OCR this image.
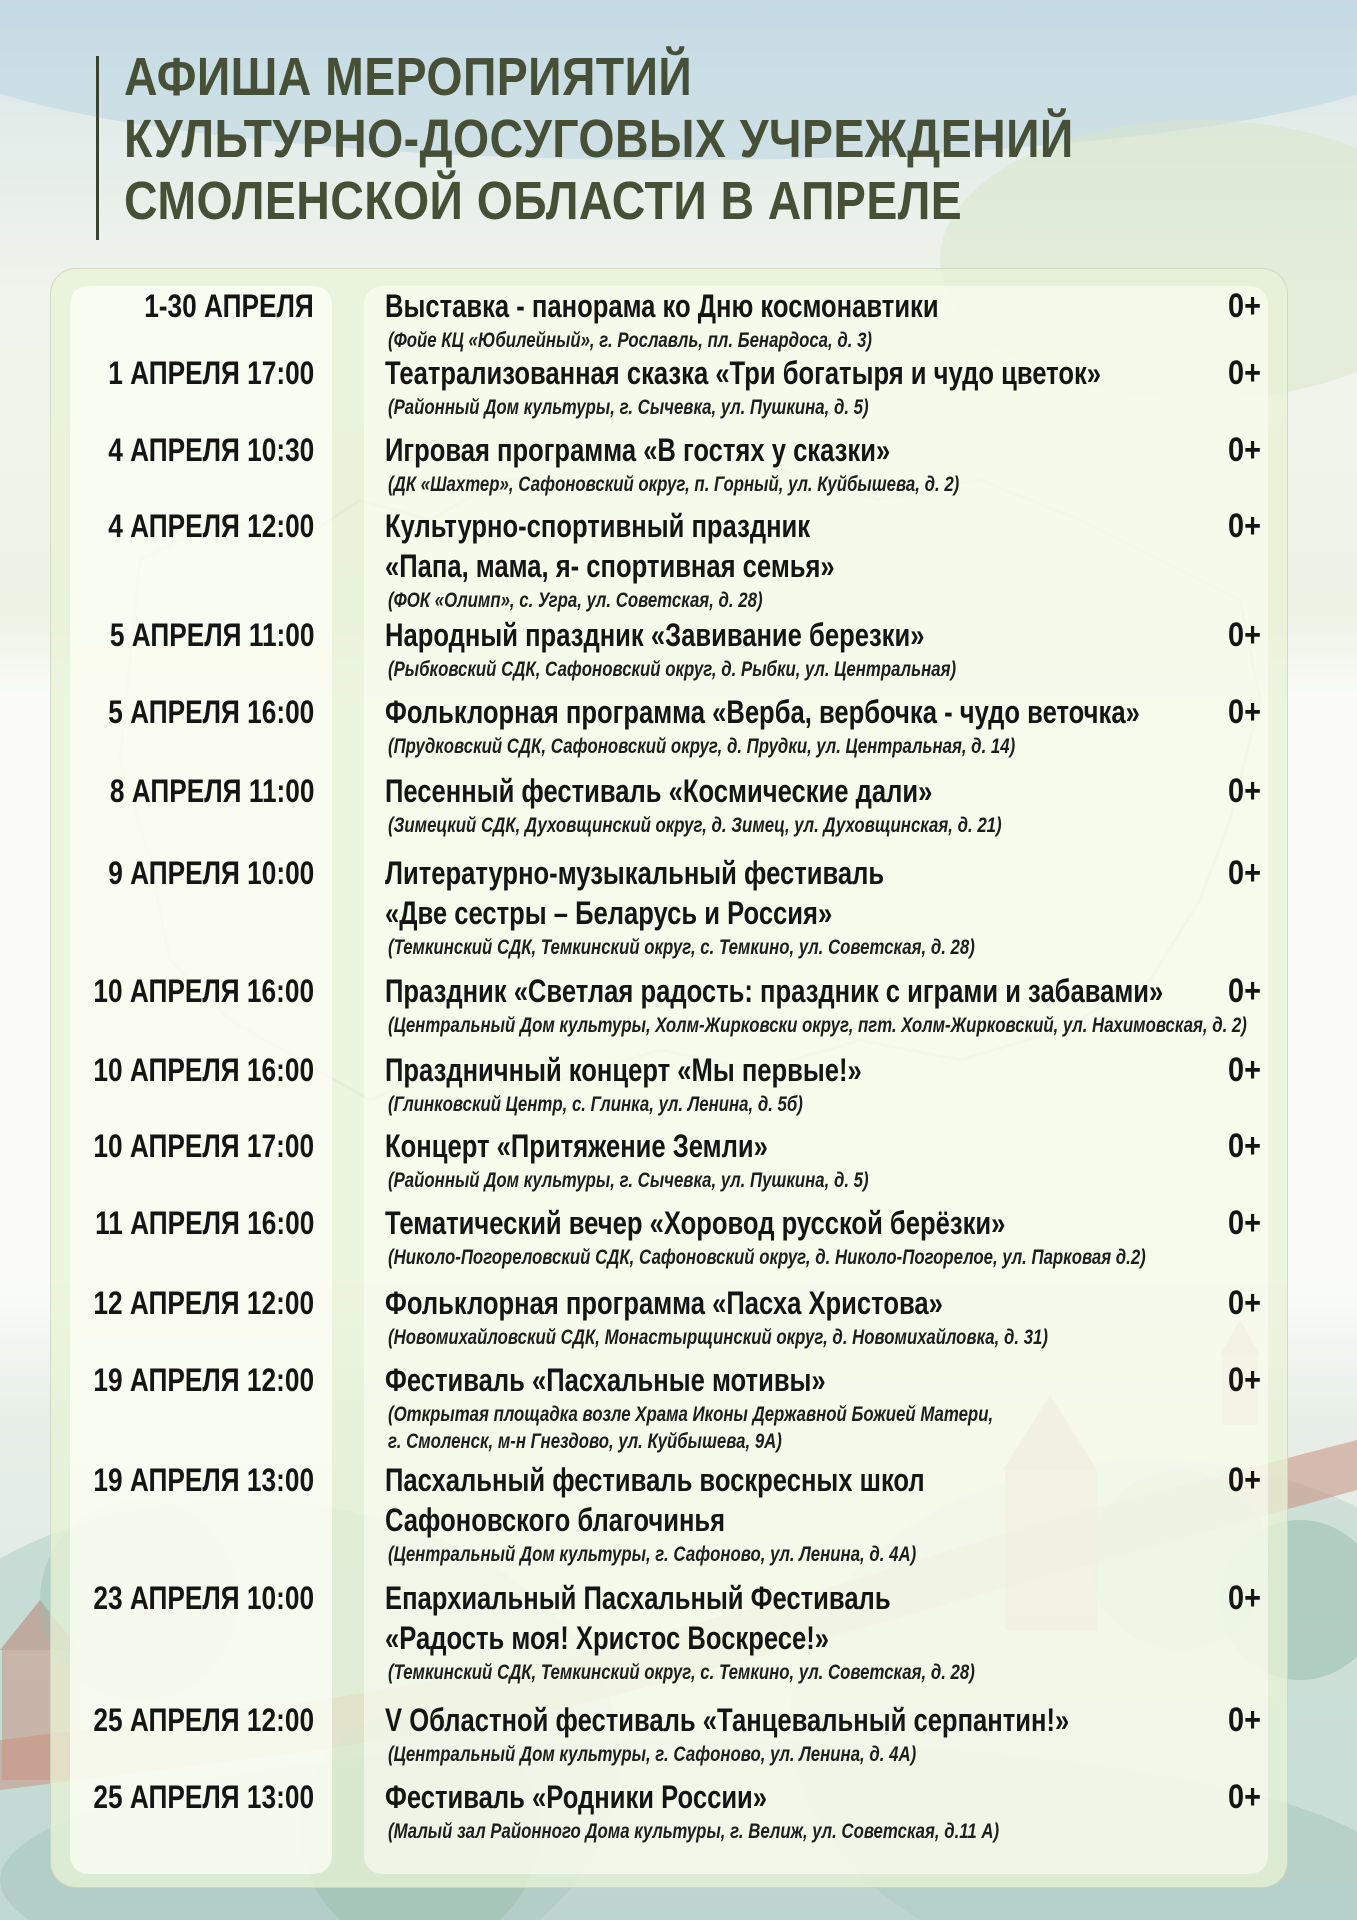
АФИША МЕРОПРИЯТИЙ
КУЛЬТУРНО-ДОСУГОВЫХ УЧРЕЖДЕНИЙ
СМОЛЕНСКОЙ ОБЛАСТИ В АПРЕЛЕ
1-30 АПРЕЛЯ Выставка - панорама ко Дню космонавтики
(Фойе КЦ «Юбилейный», г. Рославль, пл. Бенардоса, д. 3)
0+
1 АПРЕЛЯ 17:00 Театрализованная сказка «Три богатыря и чудо цветок»
(Районный Дом культуры, г. Сычевка, ул. Пушкина, д. 5)
0+
4 АПРЕЛЯ 10:30 Игровая программа «В гостях у сказки»
(ДК «Шахтер», Сафоновский округ, п. Горный, ул. Куйбышева, д. 2)
0+
4 АПРЕЛЯ 12:00 Культурно-спортивный праздник
«Папа, мама, я- спортивная семья»
(ФОК «Олимп», с. Угра, ул. Советская, д. 28)
0+
5 АПРЕЛЯ 11:00 Народный праздник «Завивание березки»
(Рыбковский СДК, Сафоновский округ, д. Рыбки, ул. Центральная)
0+
5 АПРЕЛЯ 16:00 Фольклорная программа «Верба, вербочка - чудо веточка»
(Прудковский СДК, Сафоновский округ, д. Прудки, ул. Центральная, д. 14)
0+
8 АПРЕЛЯ 11:00 Песенный фестиваль «Космические дали»
(Зимецкий СДК, Духовщинский округ, д. Зимец, ул. Духовщинская, д. 21)
0+
9 АПРЕЛЯ 10:00 Литературно-музыкальный фестиваль
«Две сестры – Беларусь и Россия»
(Темкинский СДК, Темкинский округ, с. Темкино, ул. Советская, д. 28)
0+
10 АПРЕЛЯ 16:00 Праздник «Светлая радость: праздник с играми и забавами»
(Центральный Дом культуры, Холм-Жирковски округ, пгт. Холм-Жирковский, ул. Нахимовская, д. 2)
0+
10 АПРЕЛЯ 16:00 Праздничный концерт «Мы первые!»
(Глинковский Центр, с. Глинка, ул. Ленина, д. 5б)
0+
10 АПРЕЛЯ 17:00 Концерт «Притяжение Земли»
(Районный Дом культуры, г. Сычевка, ул. Пушкина, д. 5)
0+
11 АПРЕЛЯ 16:00 Тематический вечер «Хоровод русской берёзки»
(Николо-Погореловский СДК, Сафоновский округ, д. Николо-Погорелое, ул. Парковая д.2)
0+
12 АПРЕЛЯ 12:00 Фольклорная программа «Пасха Христова»
(Новомихайловский СДК, Монастырщинский округ, д. Новомихайловка, д. 31)
0+
19 АПРЕЛЯ 12:00 Фестиваль «Пасхальные мотивы»
(Открытая площадка возле Храма Иконы Державной Божией Матери,
г. Смоленск, м-н Гнездово, ул. Куйбышева, 9А)
0+
19 АПРЕЛЯ 13:00 Пасхальный фестиваль воскресных школ
Сафоновского благочинья
(Центральный Дом культуры, г. Сафоново, ул. Ленина, д. 4А)
0+
23 АПРЕЛЯ 10:00 Епархиальный Пасхальный Фестиваль
«Радость моя! Христос Воскресе!»
(Темкинский СДК, Темкинский округ, с. Темкино, ул. Советская, д. 28)
0+
25 АПРЕЛЯ 12:00 V Областной фестиваль «Танцевальный серпантин!»
(Центральный Дом культуры, г. Сафоново, ул. Ленина, д. 4А)
0+
25 АПРЕЛЯ 13:00 Фестиваль «Родники России»
(Малый зал Районного Дома культуры, г. Велиж, ул. Советская, д.11 А)
0+
